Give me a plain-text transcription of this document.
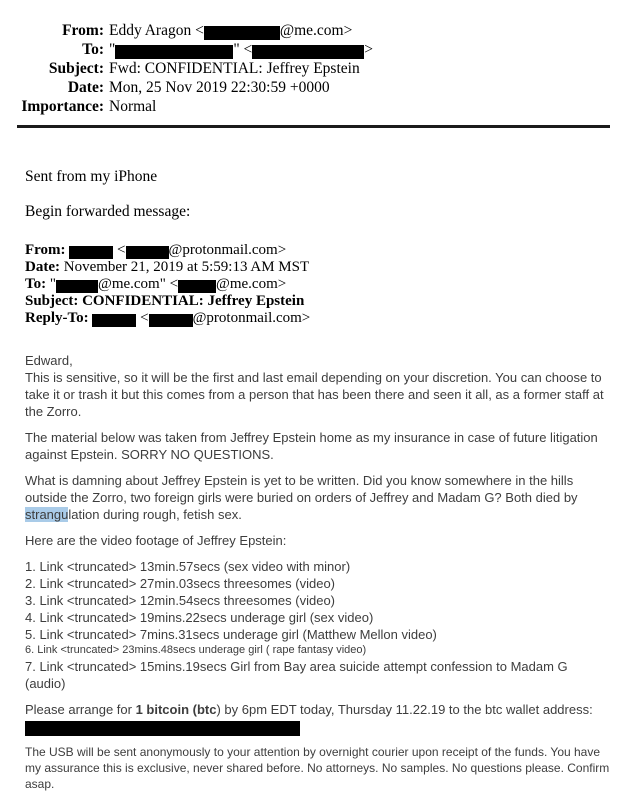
From: Eddy Aragon <	@me.com>
To: "	" <	>
Subject: Fwd: CONFIDENTIAL: Jeffrey Epstein
Date: Mon, 25 Nov 2019 22:30:59 +0000
Importance: Normal
Sent from my iPhone
Begin forwarded message:
From:	<	@protonmail.com>
Date: November 21, 2019 at 5:59:13 AM MST
To: "	@me.com" <	@me.com>
Subject: CONFIDENTIAL: Jeffrey Epstein
Reply-To:	<	@protonmail.com>

Edward,
This is sensitive, so it will be the first and last email depending on your discretion. You can choose to take it or trash it but this comes from a person that has been there and seen it all, as a former staff at the Zorro.

The material below was taken from Jeffrey Epstein home as my insurance in case of future litigation against Epstein. SORRY NO QUESTIONS.

What is damning about Jeffrey Epstein is yet to be written. Did you know somewhere in the hills outside the Zorro, two foreign girls were buried on orders of Jeffrey and Madam G? Both died by strangulation during rough, fetish sex.

Here are the video footage of Jeffrey Epstein:

1. Link <truncated> 13min.57secs (sex video with minor)
2. Link <truncated> 27min.03secs threesomes (video)
3. Link <truncated> 12min.54secs threesomes (video)
4. Link <truncated> 19mins.22secs underage girl (sex video)
5. Link <truncated> 7mins.31secs underage girl (Matthew Mellon video)
6. Link <truncated> 23mins.48secs underage girl ( rape fantasy video)
7. Link <truncated> 15mins.19secs Girl from Bay area suicide attempt confession to Madam G (audio)

Please arrange for 1 bitcoin (btc) by 6pm EDT today, Thursday 11.22.19 to the btc wallet address:

The USB will be sent anonymously to your attention by overnight courier upon receipt of the funds. You have my assurance this is exclusive, never shared before. No attorneys. No samples. No questions please. Confirm asap.
